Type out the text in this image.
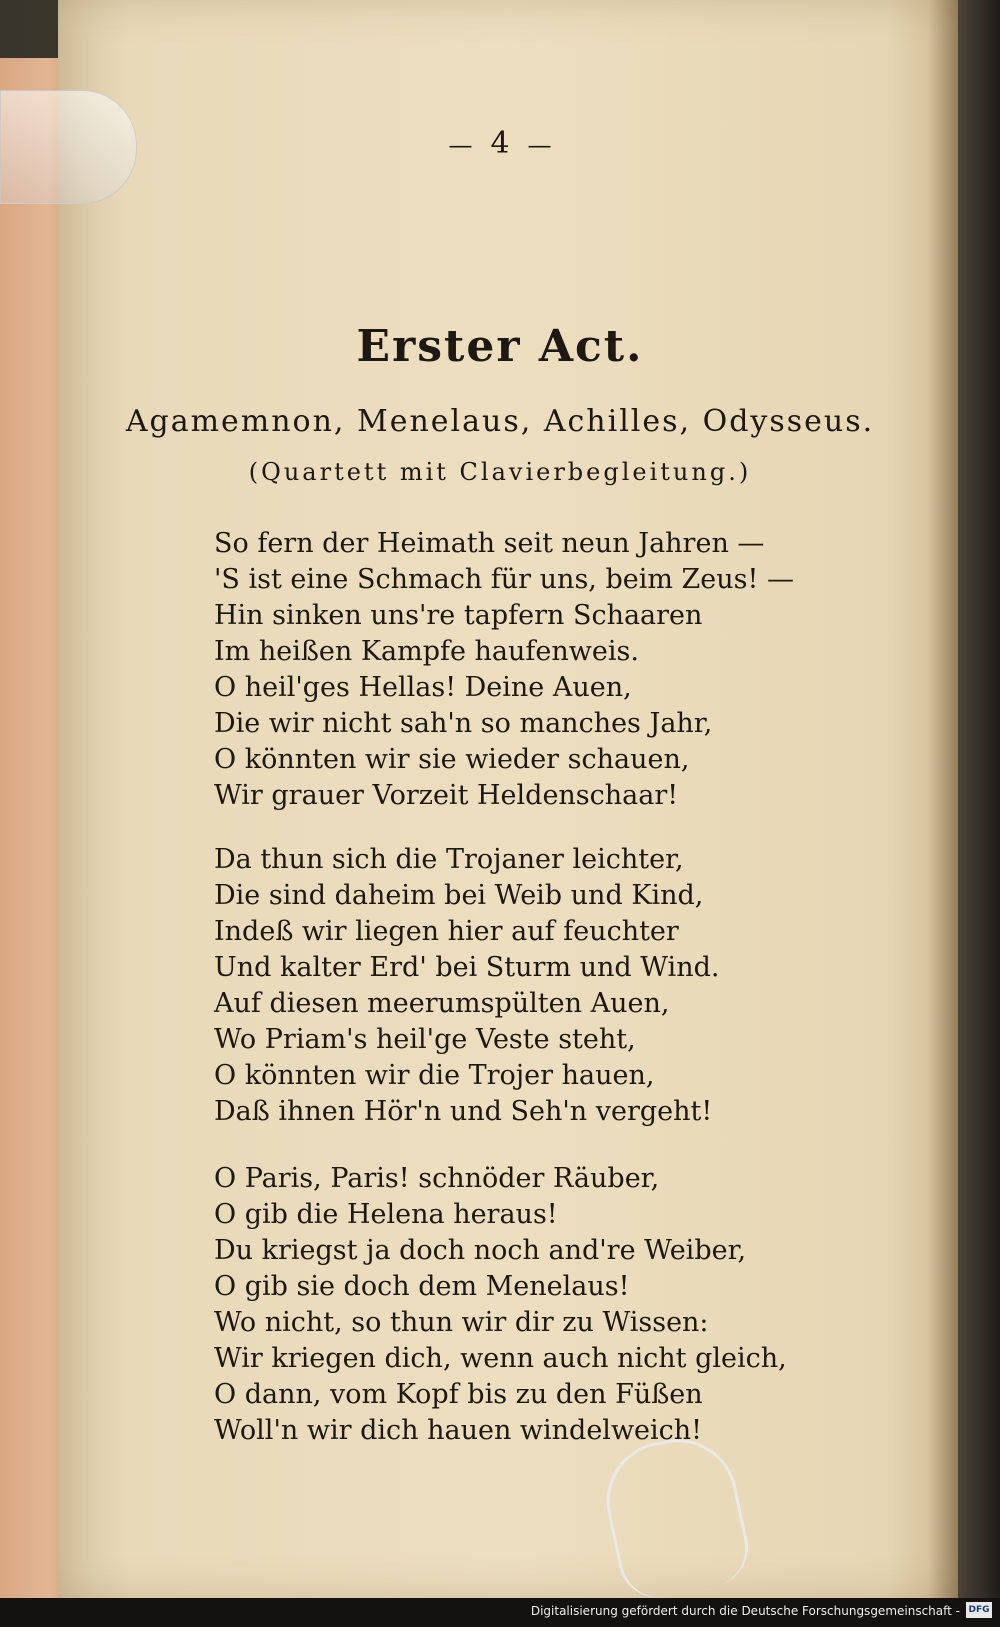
— 4 —
Erster Act.
Agamemnon, Menelaus, Achilles, Odysseus.
(Quartett mit Clavierbegleitung.)
So fern der Heimath seit neun Jahren —
'S ist eine Schmach für uns, beim Zeus! —
Hin sinken uns're tapfern Schaaren
Im heißen Kampfe haufenweis.
O heil'ges Hellas! Deine Auen,
Die wir nicht sah'n so manches Jahr,
O könnten wir sie wieder schauen,
Wir grauer Vorzeit Heldenschaar!
Da thun sich die Trojaner leichter,
Die sind daheim bei Weib und Kind,
Indeß wir liegen hier auf feuchter
Und kalter Erd' bei Sturm und Wind.
Auf diesen meerumspülten Auen,
Wo Priam's heil'ge Veste steht,
O könnten wir die Trojer hauen,
Daß ihnen Hör'n und Seh'n vergeht!
O Paris, Paris! schnöder Räuber,
O gib die Helena heraus!
Du kriegst ja doch noch and're Weiber,
O gib sie doch dem Menelaus!
Wo nicht, so thun wir dir zu Wissen:
Wir kriegen dich, wenn auch nicht gleich,
O dann, vom Kopf bis zu den Füßen
Woll'n wir dich hauen windelweich!
Digitalisierung gefördert durch die Deutsche Forschungsgemeinschaft - DFG
